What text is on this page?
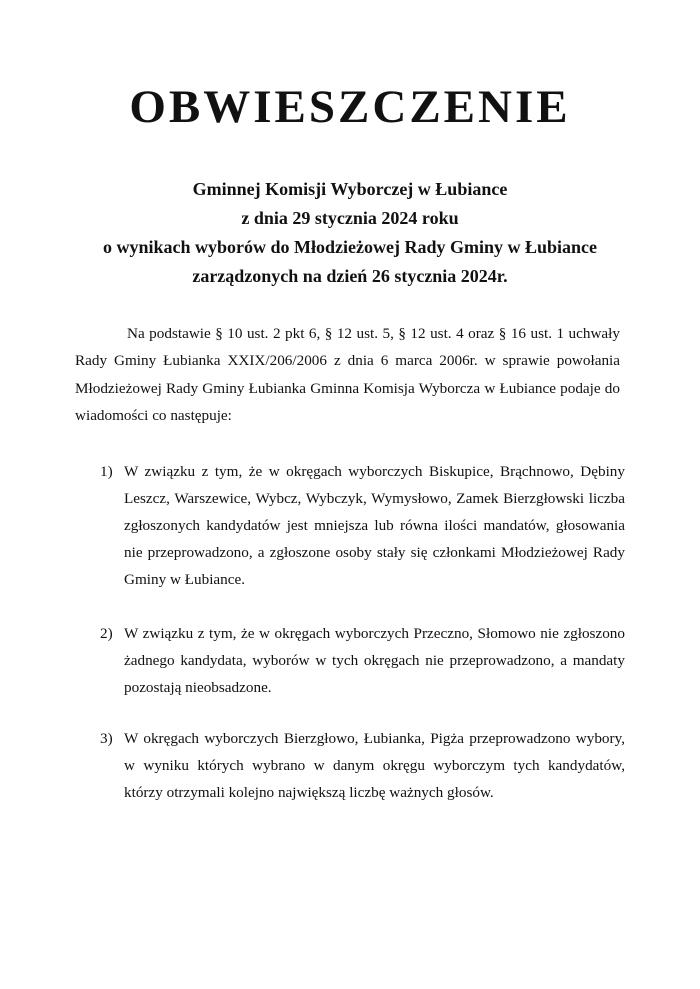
OBWIESZCZENIE

Gminnej Komisji Wyborczej w Łubiance

z dnia 29 stycznia 2024 roku

o wynikach wyborów do Młodzieżowej Rady Gminy w Łubiance

zarządzonych na dzień 26 stycznia 2024r.

Na podstawie § 10 ust. 2 pkt 6, § 12 ust. 5, § 12 ust. 4 oraz § 16 ust. 1 uchwały Rady Gminy Łubianka XXIX/206/2006 z dnia 6 marca 2006r. w sprawie powołania Młodzieżowej Rady Gminy Łubianka Gminna Komisja Wyborcza w Łubiance podaje do wiadomości co następuje:

1) W związku z tym, że w okręgach wyborczych Biskupice, Brąchnowo, Dębiny Leszcz, Warszewice, Wybcz, Wybczyk, Wymysłowo, Zamek Bierzgłowski liczba zgłoszonych kandydatów jest mniejsza lub równa ilości mandatów, głosowania nie przeprowadzono, a zgłoszone osoby stały się członkami Młodzieżowej Rady Gminy w Łubiance.

2) W związku z tym, że w okręgach wyborczych Przeczno, Słomowo nie zgłoszono żadnego kandydata, wyborów w tych okręgach nie przeprowadzono, a mandaty pozostają nieobsadzone.

3) W okręgach wyborczych Bierzgłowo, Łubianka, Pigża przeprowadzono wybory, w wyniku których wybrano w danym okręgu wyborczym tych kandydatów, którzy otrzymali kolejno największą liczbę ważnych głosów.
